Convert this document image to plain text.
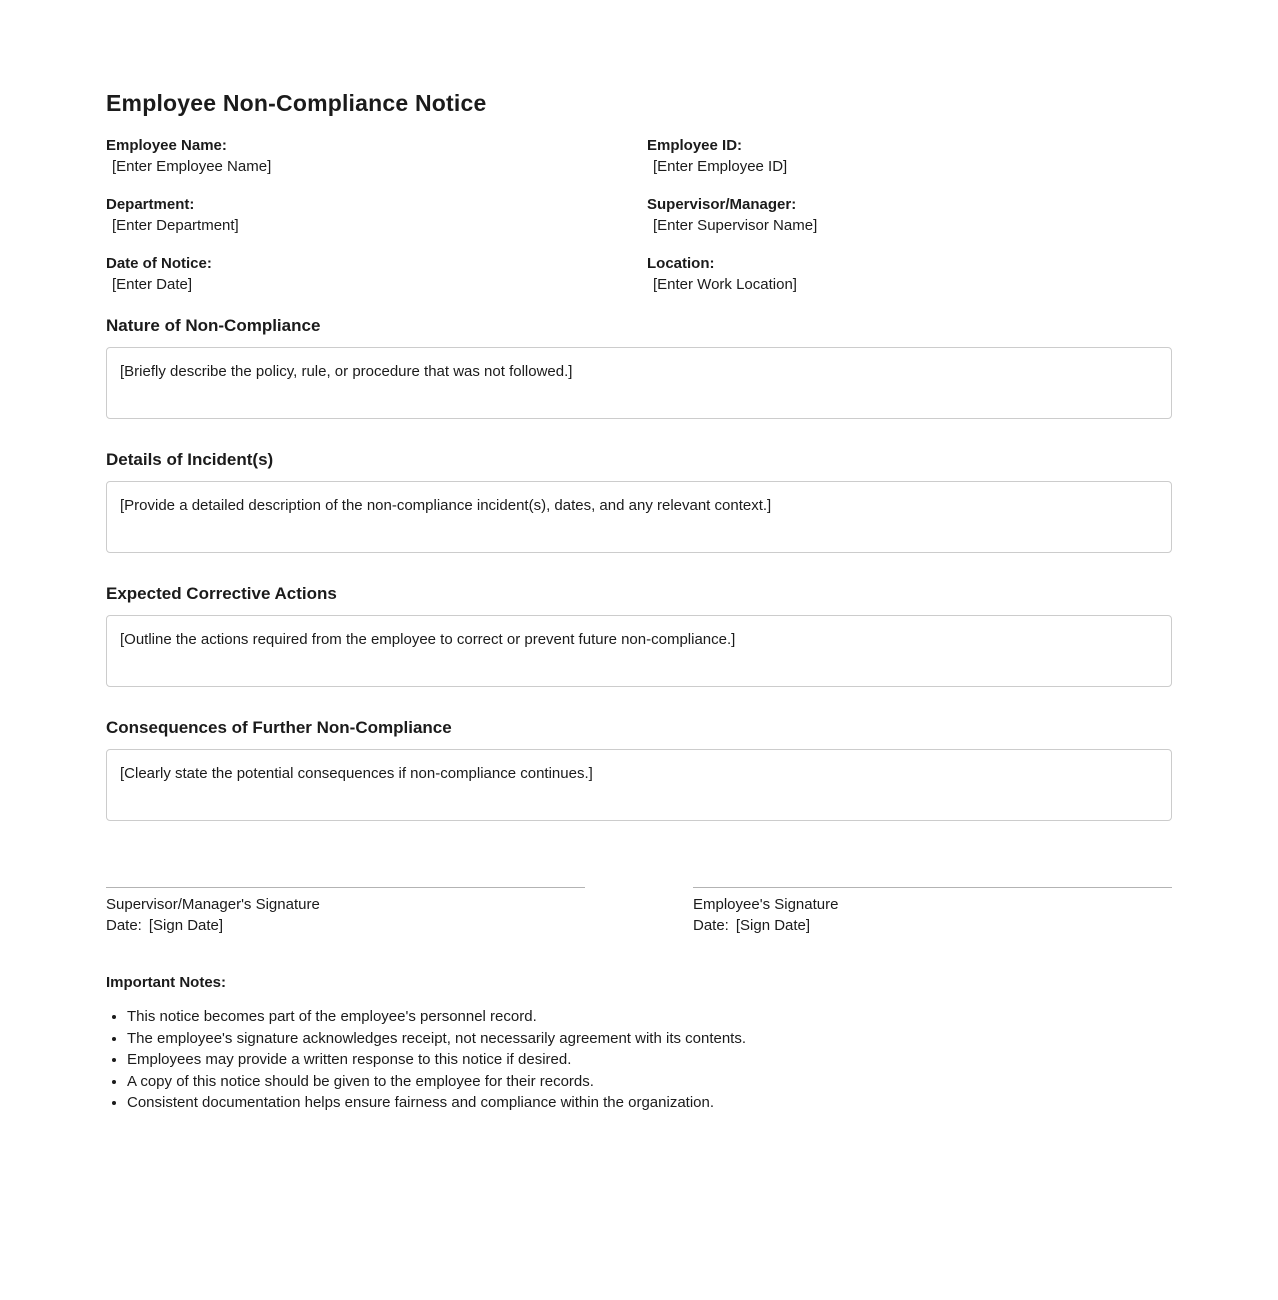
Employee Non-Compliance Notice
Employee Name:
[Enter Employee Name]
Employee ID:
[Enter Employee ID]
Department:
[Enter Department]
Supervisor/Manager:
[Enter Supervisor Name]
Date of Notice:
[Enter Date]
Location:
[Enter Work Location]
Nature of Non-Compliance
[Briefly describe the policy, rule, or procedure that was not followed.]
Details of Incident(s)
[Provide a detailed description of the non-compliance incident(s), dates, and any relevant context.]
Expected Corrective Actions
[Outline the actions required from the employee to correct or prevent future non-compliance.]
Consequences of Further Non-Compliance
[Clearly state the potential consequences if non-compliance continues.]
Supervisor/Manager's Signature
Date: [Sign Date]
Employee's Signature
Date: [Sign Date]
Important Notes:
• This notice becomes part of the employee's personnel record.
• The employee's signature acknowledges receipt, not necessarily agreement with its contents.
• Employees may provide a written response to this notice if desired.
• A copy of this notice should be given to the employee for their records.
• Consistent documentation helps ensure fairness and compliance within the organization.
